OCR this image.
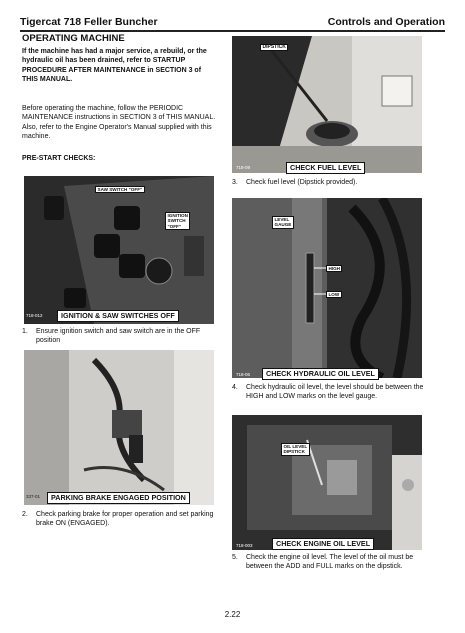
Tigercat 718 Feller Buncher	Controls and Operation
OPERATING MACHINE
If the machine has had a major service, a rebuild, or the hydraulic oil has been drained, refer to STARTUP PROCEDURE AFTER MAINTENANCE in SECTION 3 of THIS MANUAL.
Before operating the machine, follow the PERIODIC MAINTENANCE instructions in SECTION 3 of THIS MANUAL. Also, refer to the Engine Operator's Manual supplied with this machine.
PRE-START CHECKS:
SAW SWITCH "OFF"
IGNITION
SWITCH
"OFF"
718-012	IGNITION & SAW SWITCHES OFF
1. Ensure ignition switch and saw switch are in the OFF position
337-01	PARKING BRAKE ENGAGED POSITION
2. Check parking brake for proper operation and set parking brake ON (ENGAGED).
DIPSTICK
718-09	CHECK FUEL LEVEL
3. Check fuel level (Dipstick provided).
LEVEL
GAUGE
HIGH
LOW
718-06	CHECK HYDRAULIC OIL LEVEL
4. Check hydraulic oil level, the level should be between the HIGH and LOW marks on the level gauge.
OIL LEVEL
DIPSTICK
718-003	CHECK ENGINE OIL LEVEL
5. Check the engine oil level. The level of the oil must be between the ADD and FULL marks on the dipstick.
2.22
